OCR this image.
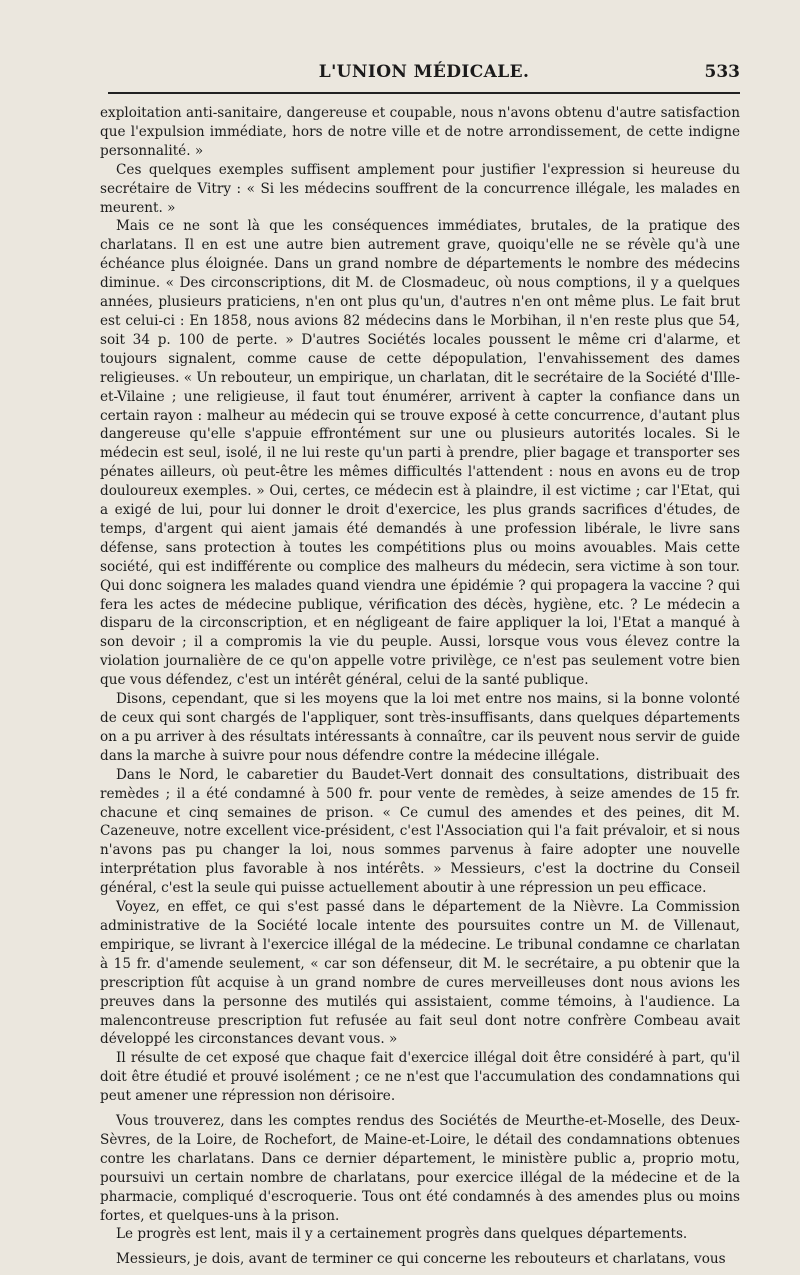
L'UNION MÉDICALE.	533

exploitation anti-sanitaire, dangereuse et coupable, nous n'avons obtenu d'autre satisfaction que l'expulsion immédiate, hors de notre ville et de notre arrondissement, de cette indigne personnalité. »

Ces quelques exemples suffisent amplement pour justifier l'expression si heureuse du secrétaire de Vitry : « Si les médecins souffrent de la concurrence illégale, les malades en meurent. »

Mais ce ne sont là que les conséquences immédiates, brutales, de la pratique des charlatans. Il en est une autre bien autrement grave, quoiqu'elle ne se révèle qu'à une échéance plus éloignée. Dans un grand nombre de départements le nombre des médecins diminue. « Des circonscriptions, dit M. de Closmadeuc, où nous comptions, il y a quelques années, plusieurs praticiens, n'en ont plus qu'un, d'autres n'en ont même plus. Le fait brut est celui-ci : En 1858, nous avions 82 médecins dans le Morbihan, il n'en reste plus que 54, soit 34 p. 100 de perte. » D'autres Sociétés locales poussent le même cri d'alarme, et toujours signalent, comme cause de cette dépopulation, l'envahissement des dames religieuses. « Un rebouteur, un empirique, un charlatan, dit le secrétaire de la Société d'Ille-et-Vilaine ; une religieuse, il faut tout énumérer, arrivent à capter la confiance dans un certain rayon : malheur au médecin qui se trouve exposé à cette concurrence, d'autant plus dangereuse qu'elle s'appuie effrontément sur une ou plusieurs autorités locales. Si le médecin est seul, isolé, il ne lui reste qu'un parti à prendre, plier bagage et transporter ses pénates ailleurs, où peut-être les mêmes difficultés l'attendent : nous en avons eu de trop douloureux exemples. » Oui, certes, ce médecin est à plaindre, il est victime ; car l'Etat, qui a exigé de lui, pour lui donner le droit d'exercice, les plus grands sacrifices d'études, de temps, d'argent qui aient jamais été demandés à une profession libérale, le livre sans défense, sans protection à toutes les compétitions plus ou moins avouables. Mais cette société, qui est indifférente ou complice des malheurs du médecin, sera victime à son tour. Qui donc soignera les malades quand viendra une épidémie ? qui propagera la vaccine ? qui fera les actes de médecine publique, vérification des décès, hygiène, etc. ? Le médecin a disparu de la circonscription, et en négligeant de faire appliquer la loi, l'Etat a manqué à son devoir ; il a compromis la vie du peuple. Aussi, lorsque vous vous élevez contre la violation journalière de ce qu'on appelle votre privilège, ce n'est pas seulement votre bien que vous défendez, c'est un intérêt général, celui de la santé publique.

Disons, cependant, que si les moyens que la loi met entre nos mains, si la bonne volonté de ceux qui sont chargés de l'appliquer, sont très-insuffisants, dans quelques départements on a pu arriver à des résultats intéressants à connaître, car ils peuvent nous servir de guide dans la marche à suivre pour nous défendre contre la médecine illégale.

Dans le Nord, le cabaretier du Baudet-Vert donnait des consultations, distribuait des remèdes ; il a été condamné à 500 fr. pour vente de remèdes, à seize amendes de 15 fr. chacune et cinq semaines de prison. « Ce cumul des amendes et des peines, dit M. Cazeneuve, notre excellent vice-président, c'est l'Association qui l'a fait prévaloir, et si nous n'avons pas pu changer la loi, nous sommes parvenus à faire adopter une nouvelle interprétation plus favorable à nos intérêts. » Messieurs, c'est la doctrine du Conseil général, c'est la seule qui puisse actuellement aboutir à une répression un peu efficace.

Voyez, en effet, ce qui s'est passé dans le département de la Nièvre. La Commission administrative de la Société locale intente des poursuites contre un M. de Villenaut, empirique, se livrant à l'exercice illégal de la médecine. Le tribunal condamne ce charlatan à 15 fr. d'amende seulement, « car son défenseur, dit M. le secrétaire, a pu obtenir que la prescription fût acquise à un grand nombre de cures merveilleuses dont nous avions les preuves dans la personne des mutilés qui assistaient, comme témoins, à l'audience. La malencontreuse prescription fut refusée au fait seul dont notre confrère Combeau avait développé les circonstances devant vous. »

Il résulte de cet exposé que chaque fait d'exercice illégal doit être considéré à part, qu'il doit être étudié et prouvé isolément ; ce ne n'est que l'accumulation des condamnations qui peut amener une répression non dérisoire.

Vous trouverez, dans les comptes rendus des Sociétés de Meurthe-et-Moselle, des Deux-Sèvres, de la Loire, de Rochefort, de Maine-et-Loire, le détail des condamnations obtenues contre les charlatans. Dans ce dernier département, le ministère public a, proprio motu, poursuivi un certain nombre de charlatans, pour exercice illégal de la médecine et de la pharmacie, compliqué d'escroquerie. Tous ont été condamnés à des amendes plus ou moins fortes, et quelques-uns à la prison.

Le progrès est lent, mais il y a certainement progrès dans quelques départements.

Messieurs, je dois, avant de terminer ce qui concerne les rebouteurs et charlatans, vous
